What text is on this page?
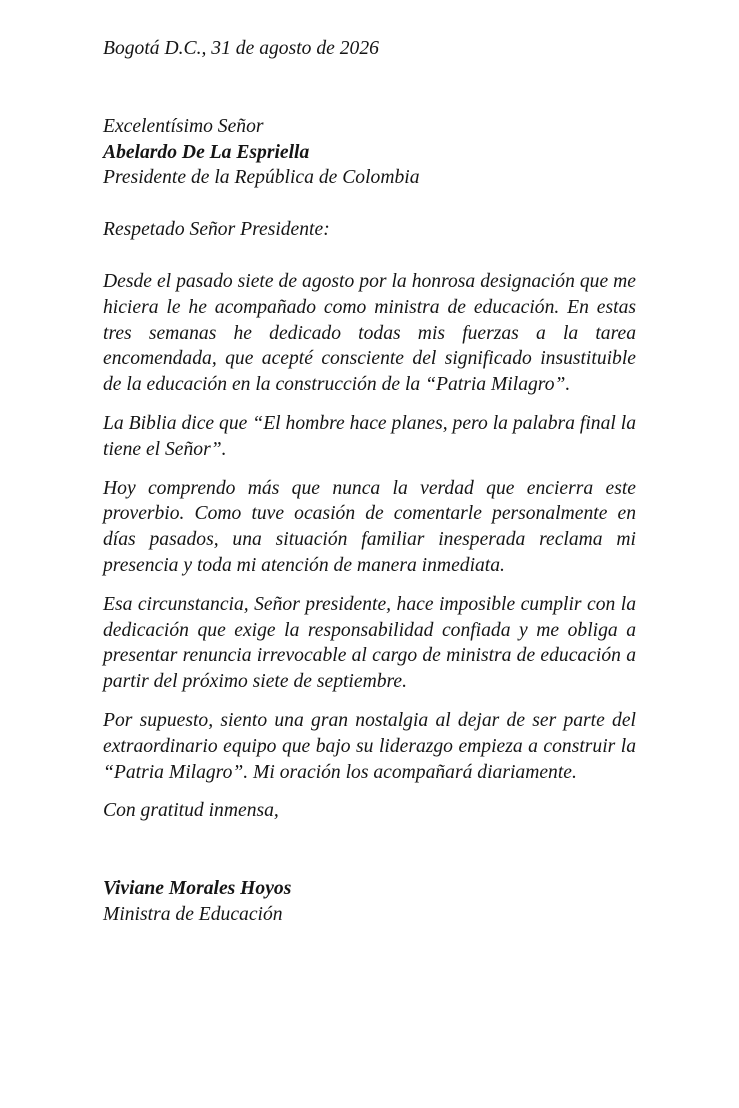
Bogotá D.C., 31 de agosto de 2026

Excelentísimo Señor
Abelardo De La Espriella
Presidente de la República de Colombia

Respetado Señor Presidente:

Desde el pasado siete de agosto por la honrosa designación que me hiciera le he acompañado como ministra de educación. En estas tres semanas he dedicado todas mis fuerzas a la tarea encomendada, que acepté consciente del significado insustituible de la educación en la construcción de la “Patria Milagro”.

La Biblia dice que “El hombre hace planes, pero la palabra final la tiene el Señor”.

Hoy comprendo más que nunca la verdad que encierra este proverbio. Como tuve ocasión de comentarle personalmente en días pasados, una situación familiar inesperada reclama mi presencia y toda mi atención de manera inmediata.

Esa circunstancia, Señor presidente, hace imposible cumplir con la dedicación que exige la responsabilidad confiada y me obliga a presentar renuncia irrevocable al cargo de ministra de educación a partir del próximo siete de septiembre.

Por supuesto, siento una gran nostalgia al dejar de ser parte del extraordinario equipo que bajo su liderazgo empieza a construir la “Patria Milagro”. Mi oración los acompañará diariamente.

Con gratitud inmensa,

Viviane Morales Hoyos
Ministra de Educación
